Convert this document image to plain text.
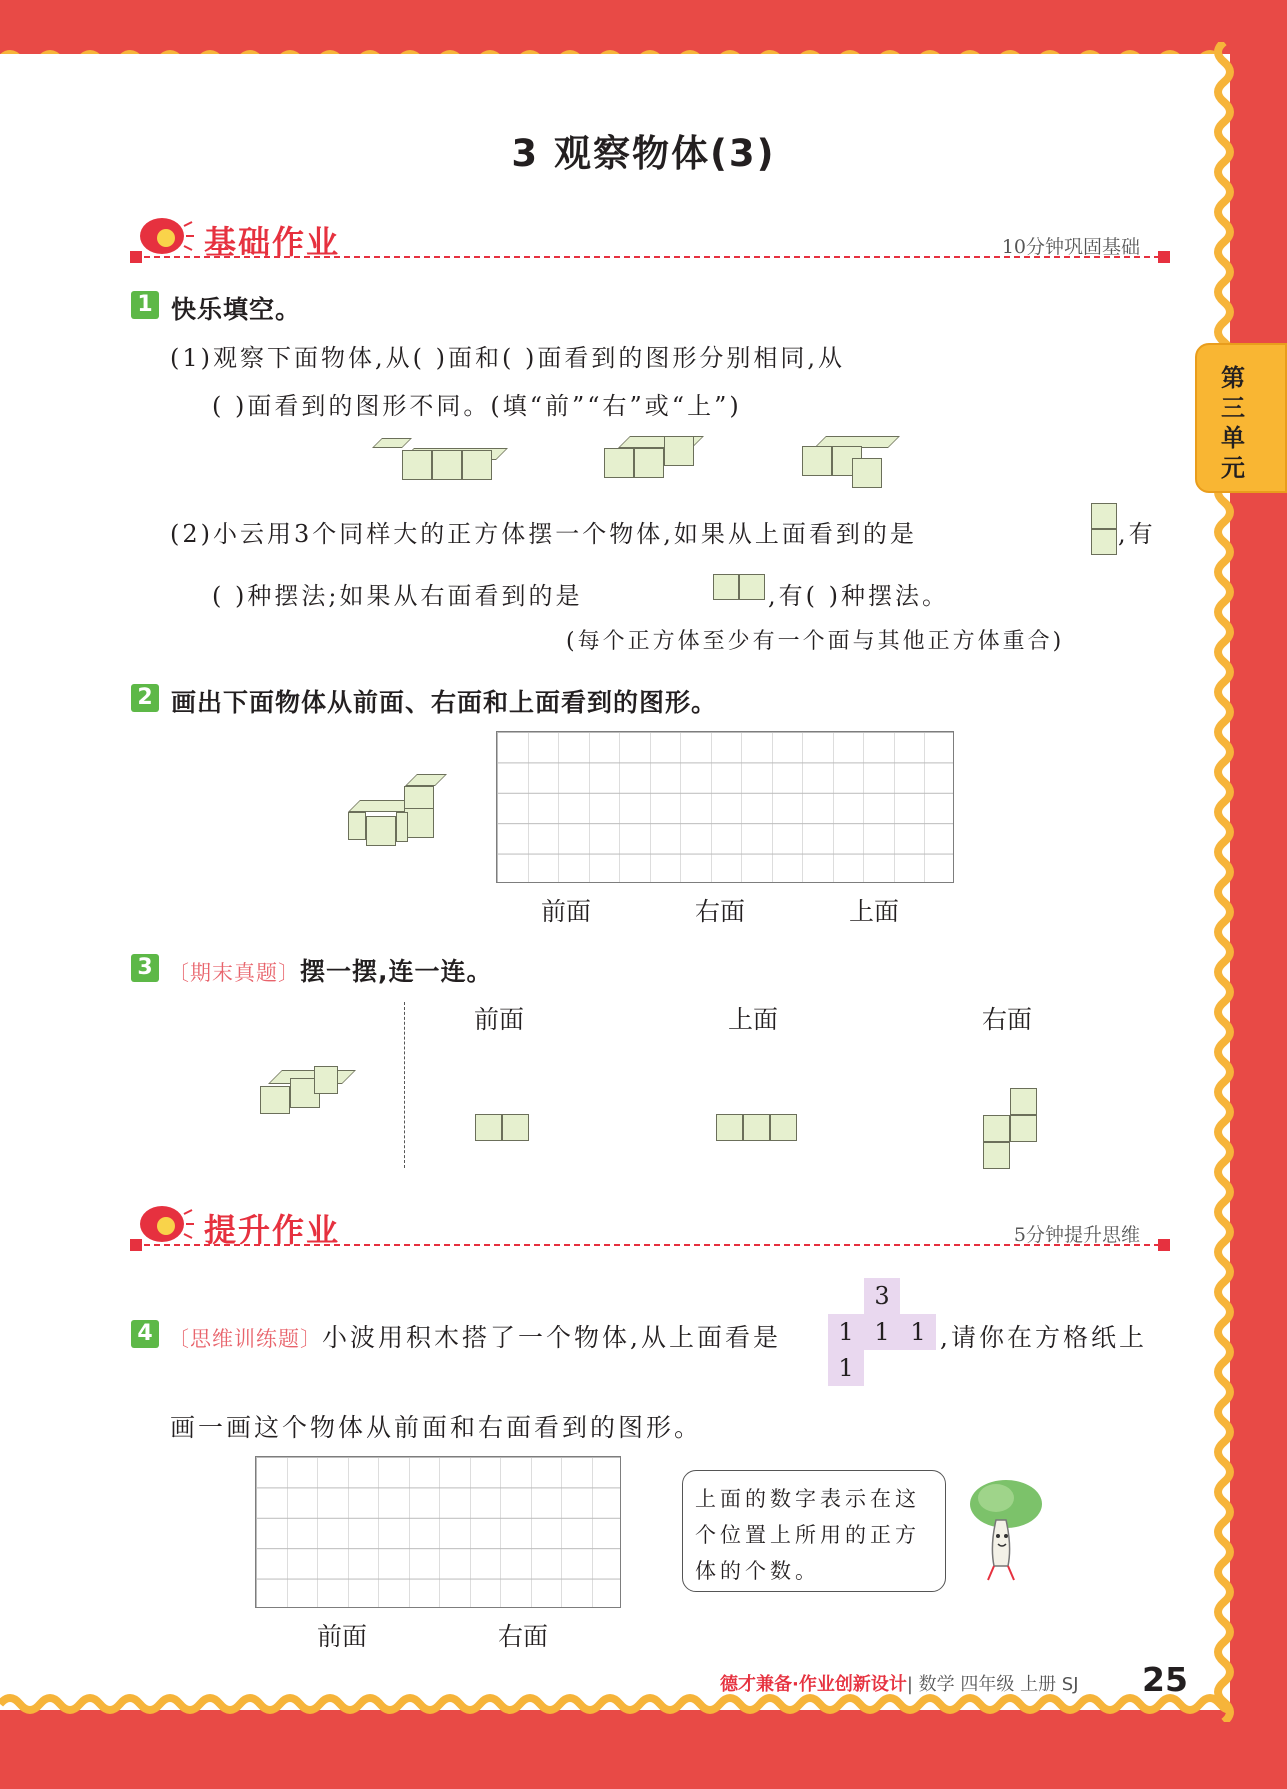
3 观察物体(3)
第三单元
基础作业	10分钟巩固基础
1 快乐填空。
(1)观察下面物体,从( )面和( )面看到的图形分别相同,从
( )面看到的图形不同。(填“前”“右”或“上”)
(2)小云用3个同样大的正方体摆一个物体,如果从上面看到的是	,有
( )种摆法;如果从右面看到的是	,有( )种摆法。
(每个正方体至少有一个面与其他正方体重合)
2 画出下面物体从前面、右面和上面看到的图形。
前面	右面	上面
3 〔期末真题〕摆一摆,连一连。
前面	上面	右面
提升作业	5分钟提升思维
4 〔思维训练题〕小波用积木搭了一个物体,从上面看是
3
1 1 1
1
,请你在方格纸上
画一画这个物体从前面和右面看到的图形。
前面	右面
上面的数字表示在这个位置上所用的正方体的个数。
德才兼备·作业创新设计| 数学 四年级 上册 SJ 25
